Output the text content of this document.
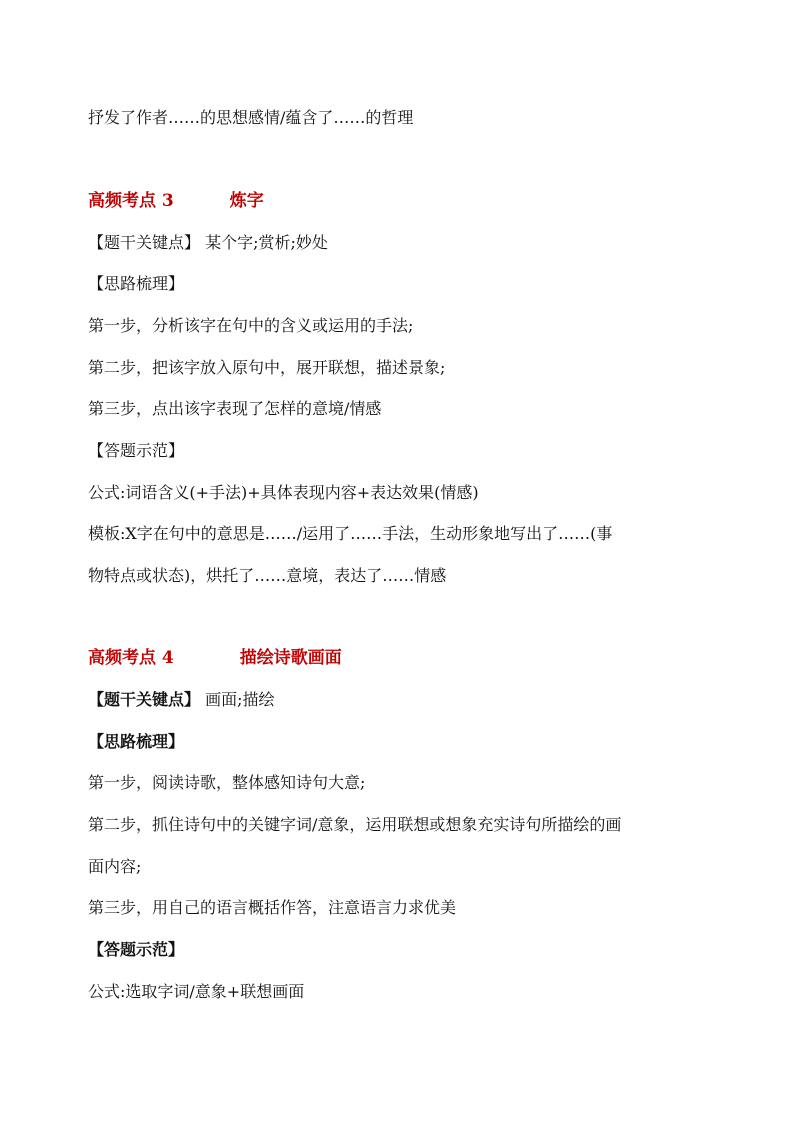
抒发了作者……的思想感情/蕴含了……的哲理
高频考点 3	炼字
【题干关键点】 某个字;赏析;妙处
【思路梳理】
第一步，分析该字在句中的含义或运用的手法;
第二步，把该字放入原句中，展开联想，描述景象;
第三步，点出该字表现了怎样的意境/情感
【答题示范】
公式:词语含义(+手法)+具体表现内容+表达效果(情感)
模板:X字在句中的意思是……/运用了……手法，生动形象地写出了……(事
物特点或状态)，烘托了……意境，表达了……情感
高频考点 4	描绘诗歌画面
【题干关键点】 画面;描绘
【思路梳理】
第一步，阅读诗歌，整体感知诗句大意;
第二步，抓住诗句中的关键字词/意象，运用联想或想象充实诗句所描绘的画
面内容;
第三步，用自己的语言概括作答，注意语言力求优美
【答题示范】
公式:选取字词/意象+联想画面
